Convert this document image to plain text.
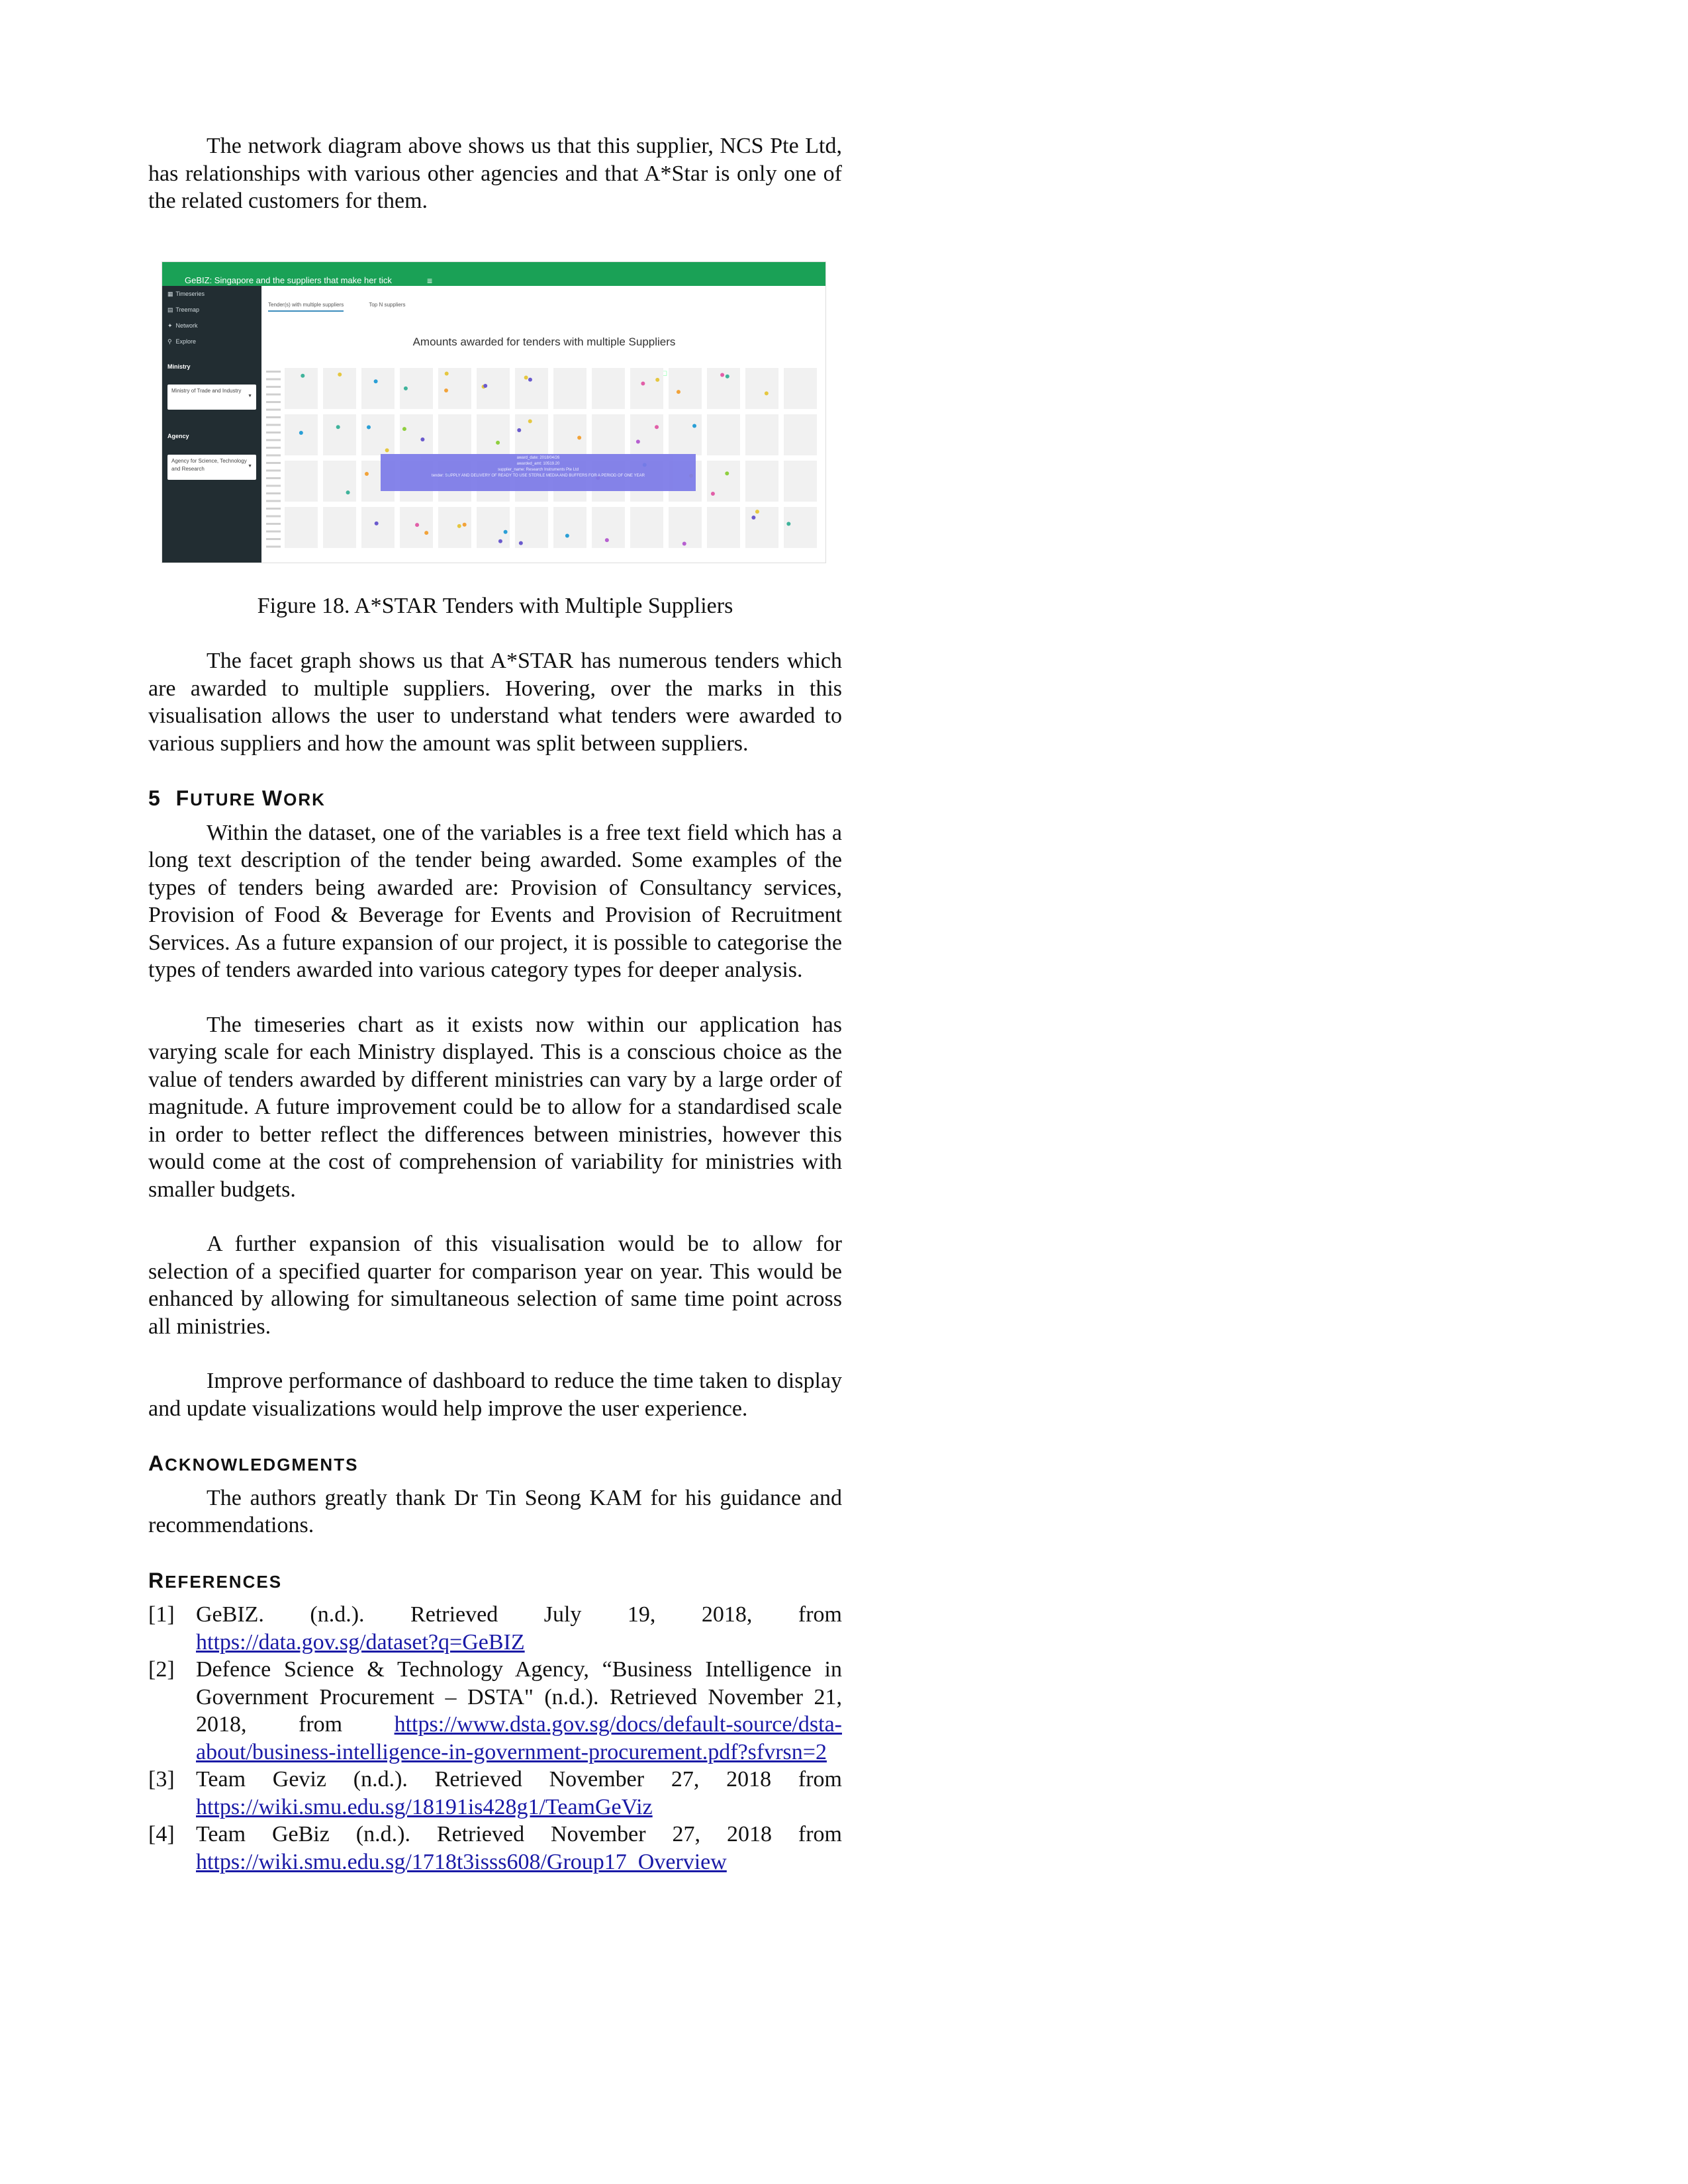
The network diagram above shows us that this supplier, NCS Pte Ltd, has relationships with various other agencies and that A*Star is only one of the related customers for them.

GeBIZ: Singapore and the suppliers that make her tick	≡
▦ Timeseries
▤ Treemap
✦ Network
⚲ Explore
Ministry
Ministry of Trade and Industry
▼
Agency
Agency for Science, Technology and Research	▼
Tender(s) with multiple suppliers	Top N suppliers
Amounts awarded for tenders with multiple Suppliers
award_date: 2018/04/26
awarded_amt: 10519.20
supplier_name: Research Instruments Pte Ltd
tender: SUPPLY AND DELIVERY OF READY TO USE STERILE MEDIA AND BUFFERS FOR A PERIOD OF ONE YEAR
Figure 18. A*STAR Tenders with Multiple Suppliers

The facet graph shows us that A*STAR has numerous tenders which are awarded to multiple suppliers. Hovering, over the marks in this visualisation allows the user to understand what tenders were awarded to various suppliers and how the amount was split between suppliers.

5 FUTURE WORK

Within the dataset, one of the variables is a free text field which has a long text description of the tender being awarded. Some examples of the types of tenders being awarded are: Provision of Consultancy services, Provision of Food & Beverage for Events and Provision of Recruitment Services. As a future expansion of our project, it is possible to categorise the types of tenders awarded into various category types for deeper analysis.

The timeseries chart as it exists now within our application has varying scale for each Ministry displayed. This is a conscious choice as the value of tenders awarded by different ministries can vary by a large order of magnitude. A future improvement could be to allow for a standardised scale in order to better reflect the differences between ministries, however this would come at the cost of comprehension of variability for ministries with smaller budgets.

A further expansion of this visualisation would be to allow for selection of a specified quarter for comparison year on year. This would be enhanced by allowing for simultaneous selection of same time point across all ministries.

Improve performance of dashboard to reduce the time taken to display and update visualizations would help improve the user experience.

ACKNOWLEDGMENTS

The authors greatly thank Dr Tin Seong KAM for his guidance and recommendations.

REFERENCES
[1] GeBIZ. (n.d.). Retrieved July 19, 2018, from https://data.gov.sg/dataset?q=GeBIZ
[2] Defence Science & Technology Agency, “Business Intelligence in Government Procurement – DSTA" (n.d.). Retrieved November 21, 2018, from https://www.dsta.gov.sg/docs/default-source/dsta-about/business-intelligence-in-government-procurement.pdf?sfvrsn=2
[3] Team Geviz (n.d.). Retrieved November 27, 2018 from https://wiki.smu.edu.sg/18191is428g1/TeamGeViz
[4] Team GeBiz (n.d.). Retrieved November 27, 2018 from https://wiki.smu.edu.sg/1718t3isss608/Group17_Overview
